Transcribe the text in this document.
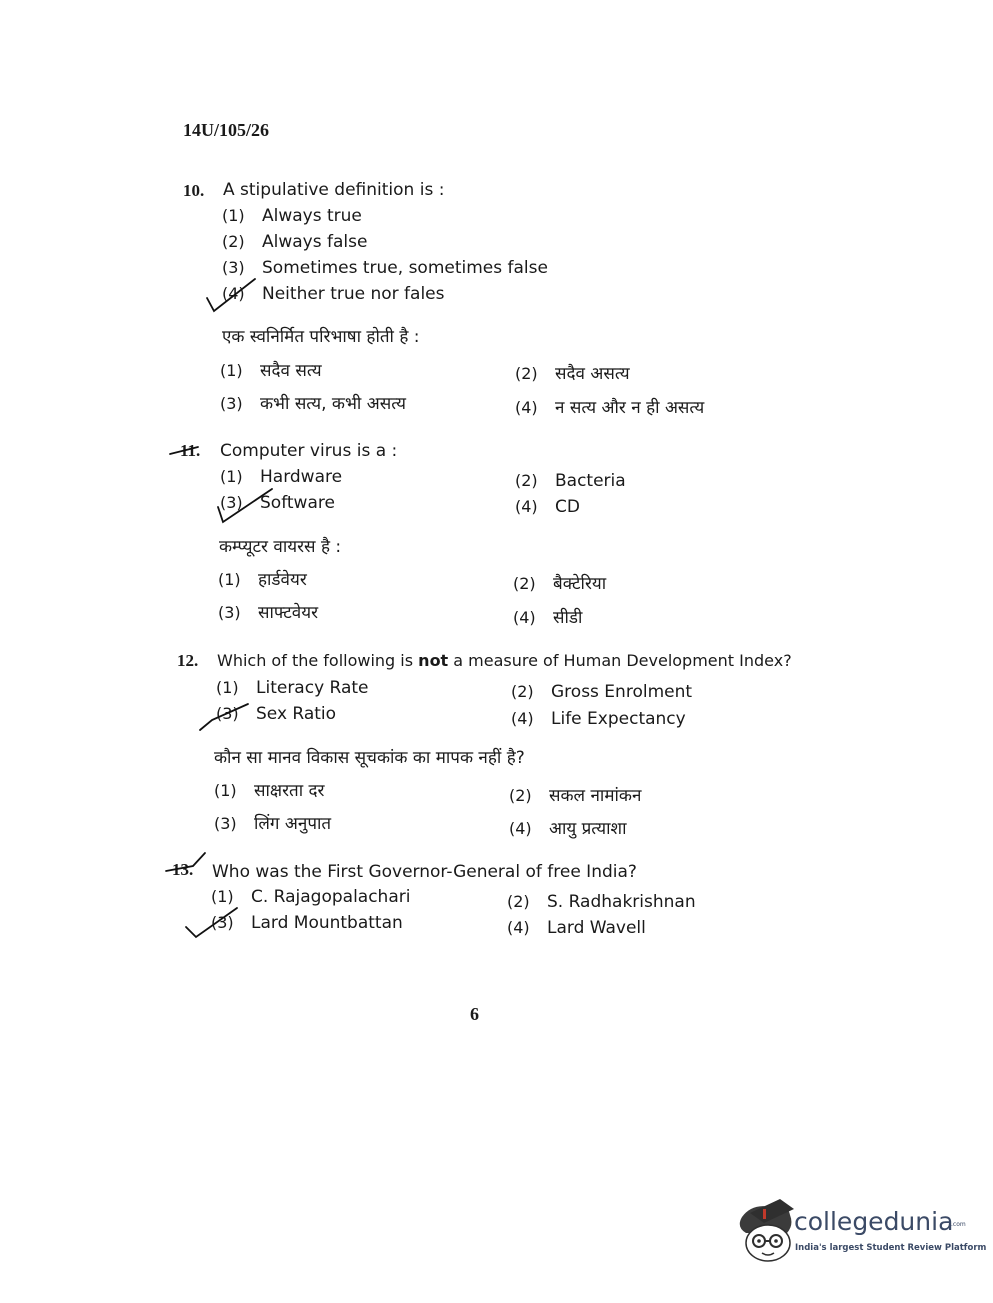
14U/105/26
10. A stipulative definition is :
(1) Always true
(2) Always false
(3) Sometimes true, sometimes false
(4) Neither true nor fales
एक स्वनिर्मित परिभाषा होती है :
(1) सदैव सत्य	(2) सदैव असत्य
(3) कभी सत्य, कभी असत्य	(4) न सत्य और न ही असत्य
11. Computer virus is a :
(1) Hardware	(2) Bacteria
(3) Software	(4) CD
कम्प्यूटर वायरस है :
(1) हार्डवेयर	(2) बैक्टेरिया
(3) साफ्टवेयर	(4) सीडी
12. Which of the following is not a measure of Human Development Index?
(1) Literacy Rate	(2) Gross Enrolment
(3) Sex Ratio	(4) Life Expectancy
कौन सा मानव विकास सूचकांक का मापक नहीं है?
(1) साक्षरता दर	(2) सकल नामांकन
(3) लिंग अनुपात	(4) आयु प्रत्याशा
13. Who was the First Governor-General of free India?
(1) C. Rajagopalachari	(2) S. Radhakrishnan
(3) Lard Mountbattan	(4) Lard Wavell
6
collegedunia
.com
India's largest Student Review Platform
